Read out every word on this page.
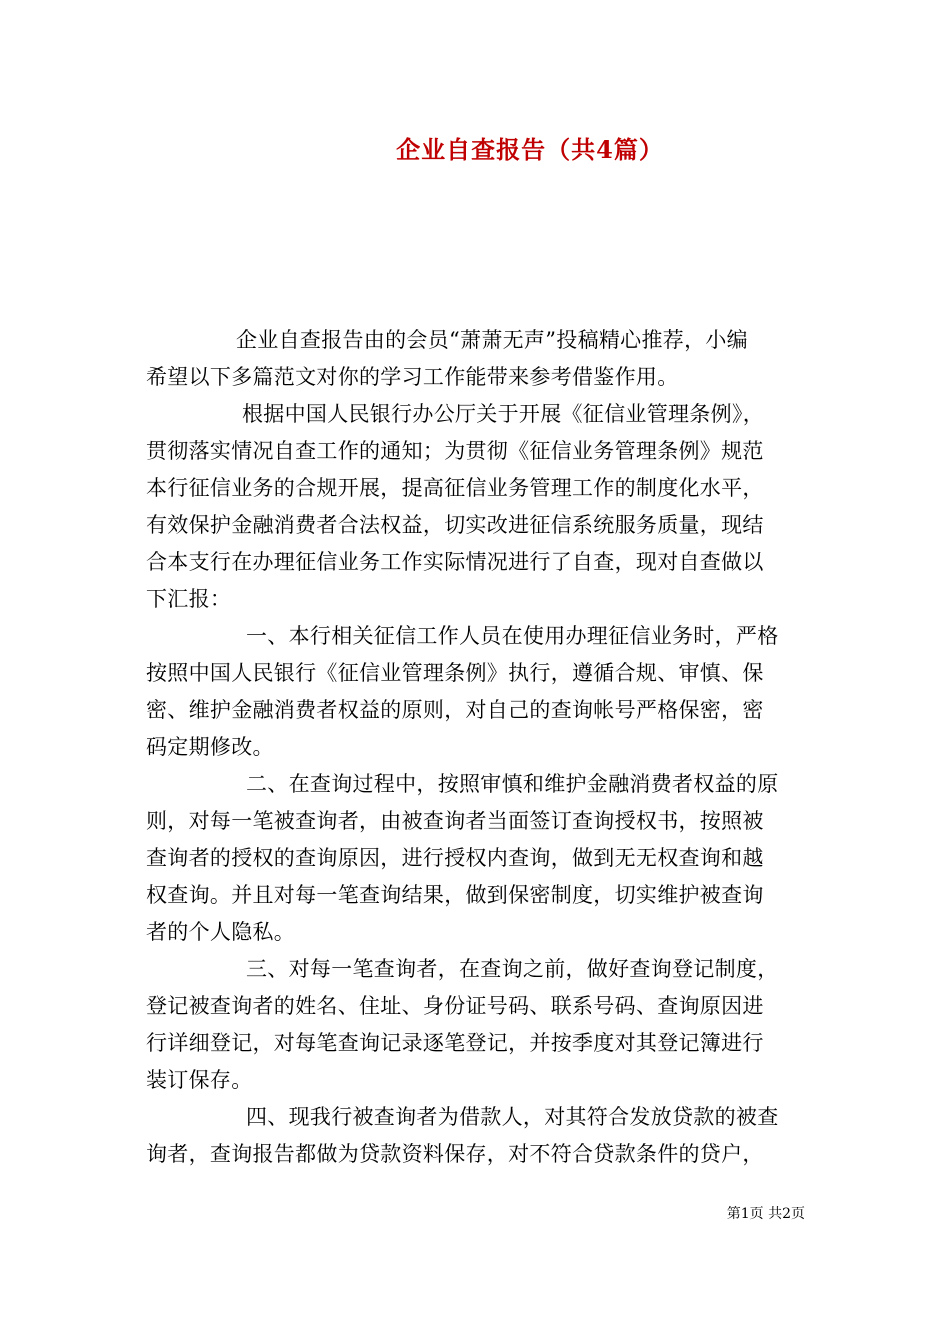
企业自查报告（共4篇）
企业自查报告由的会员“萧萧无声”投稿精心推荐，小编
希望以下多篇范文对你的学习工作能带来参考借鉴作用。
根据中国人民银行办公厅关于开展《征信业管理条例》，
贯彻落实情况自查工作的通知；为贯彻《征信业务管理条例》规范
本行征信业务的合规开展，提高征信业务管理工作的制度化水平，
有效保护金融消费者合法权益，切实改进征信系统服务质量，现结
合本支行在办理征信业务工作实际情况进行了自查，现对自查做以
下汇报：
一、本行相关征信工作人员在使用办理征信业务时，严格
按照中国人民银行《征信业管理条例》执行，遵循合规、审慎、保
密、维护金融消费者权益的原则，对自己的查询帐号严格保密，密
码定期修改。
二、在查询过程中，按照审慎和维护金融消费者权益的原
则，对每一笔被查询者，由被查询者当面签订查询授权书，按照被
查询者的授权的查询原因，进行授权内查询，做到无无权查询和越
权查询。并且对每一笔查询结果，做到保密制度，切实维护被查询
者的个人隐私。
三、对每一笔查询者，在查询之前，做好查询登记制度，
登记被查询者的姓名、住址、身份证号码、联系号码、查询原因进
行详细登记，对每笔查询记录逐笔登记，并按季度对其登记簿进行
装订保存。
四、现我行被查询者为借款人，对其符合发放贷款的被查
询者，查询报告都做为贷款资料保存，对不符合贷款条件的贷户，
第1页 共2页
